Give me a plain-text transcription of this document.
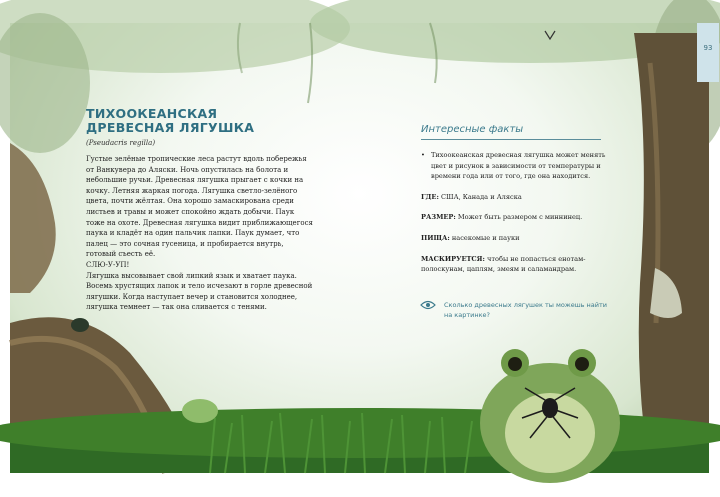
93
ТИХООКЕАНСКАЯ
ДРЕВЕСНАЯ ЛЯГУШКА
(Pseudacris regilla)

Густые зелёные тропические леса растут вдоль побережья от Ванкувера до Аляски. Ночь опустилась на болота и небольшие ручьи. Древесная лягушка прыгает с кочки на кочку. Летняя жаркая погода. Лягушка светло-зелёного цвета, почти жёлтая. Она хорошо замаскирована среди листьев и травы и может спокойно ждать добычи. Паук тоже на охоте. Древесная лягушка видит приближающегося паука и кладёт на один пальчик лапки. Паук думает, что палец — это сочная гусеница, и пробирается внутрь, готовый съесть её.

СЛЮ-У-УП!

Лягушка высовывает свой липкий язык и хватает паука. Восемь хрустящих лапок и тело исчезают в горле древесной лягушки. Когда наступает вечер и становится холоднее, лягушка темнеет — так она сливается с тенями.

Интересные факты
• Тихоокеанская древесная лягушка может менять цвет и рисунок в зависимости от температуры и времени года или от того, где она находится.
ГДЕ: США, Канада и Аляска
РАЗМЕР: Может быть размером с миннинец.
ПИЩА: насекомые и пауки
МАСКИРУЕТСЯ: чтобы не попасться енотам-полоскунам, цаплям, змеям и саламандрам.
Сколько древесных лягушек ты можешь найти на картинке?
